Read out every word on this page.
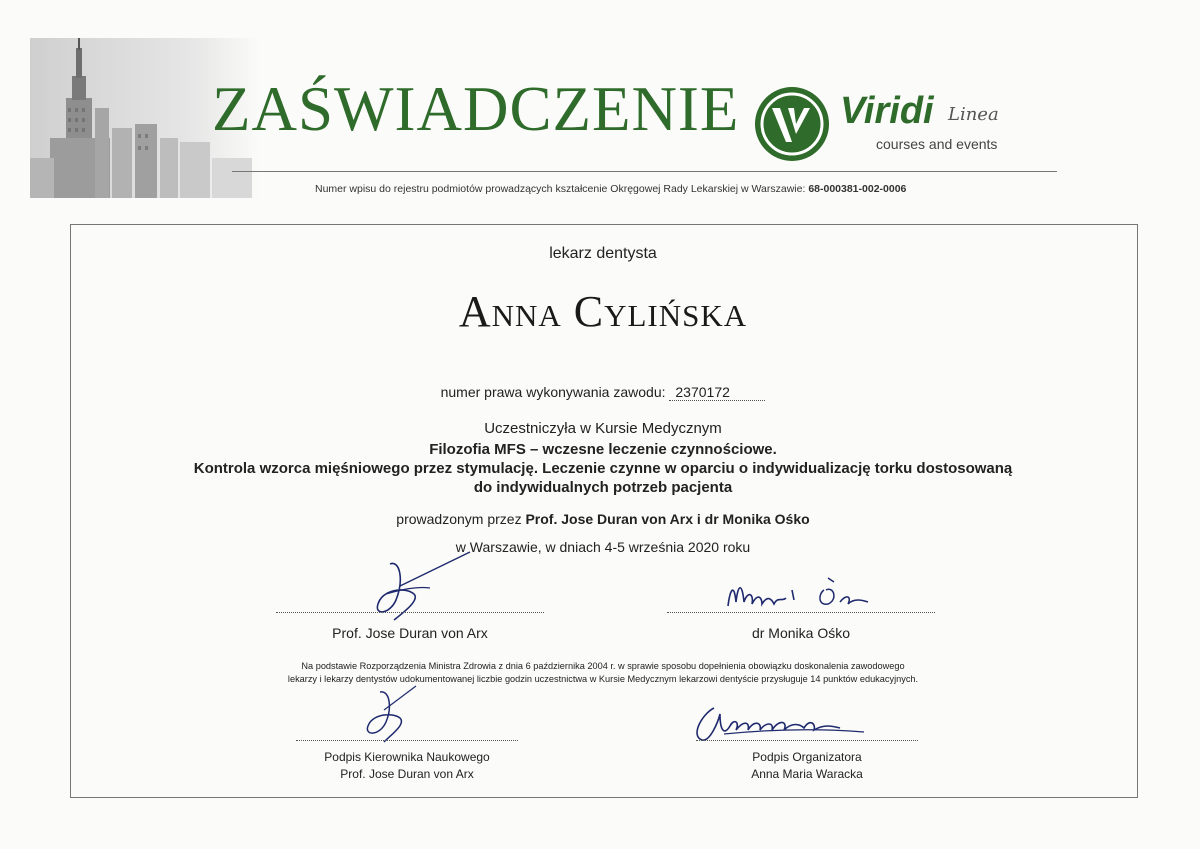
ZAŚWIADCZENIE	Viridi Linea
courses and events
Numer wpisu do rejestru podmiotów prowadzących kształcenie Okręgowej Rady Lekarskiej w Warszawie: 68-000381-002-0006
lekarz dentysta
Anna Cylińska
numer prawa wykonywania zawodu: 2370172
Uczestniczyła w Kursie Medycznym
Filozofia MFS – wczesne leczenie czynnościowe.
Kontrola wzorca mięśniowego przez stymulację. Leczenie czynne w oparciu o indywidualizację torku dostosowaną
do indywidualnych potrzeb pacjenta
prowadzonym przez Prof. Jose Duran von Arx i dr Monika Ośko
w Warszawie, w dniach 4-5 września 2020 roku
Prof. Jose Duran von Arx	dr Monika Ośko
Na podstawie Rozporządzenia Ministra Zdrowia z dnia 6 października 2004 r. w sprawie sposobu dopełnienia obowiązku doskonalenia zawodowego
lekarzy i lekarzy dentystów udokumentowanej liczbie godzin uczestnictwa w Kursie Medycznym lekarzowi dentyście przysługuje 14 punktów edukacyjnych.
Podpis Kierownika Naukowego
Prof. Jose Duran von Arx
Podpis Organizatora
Anna Maria Waracka
